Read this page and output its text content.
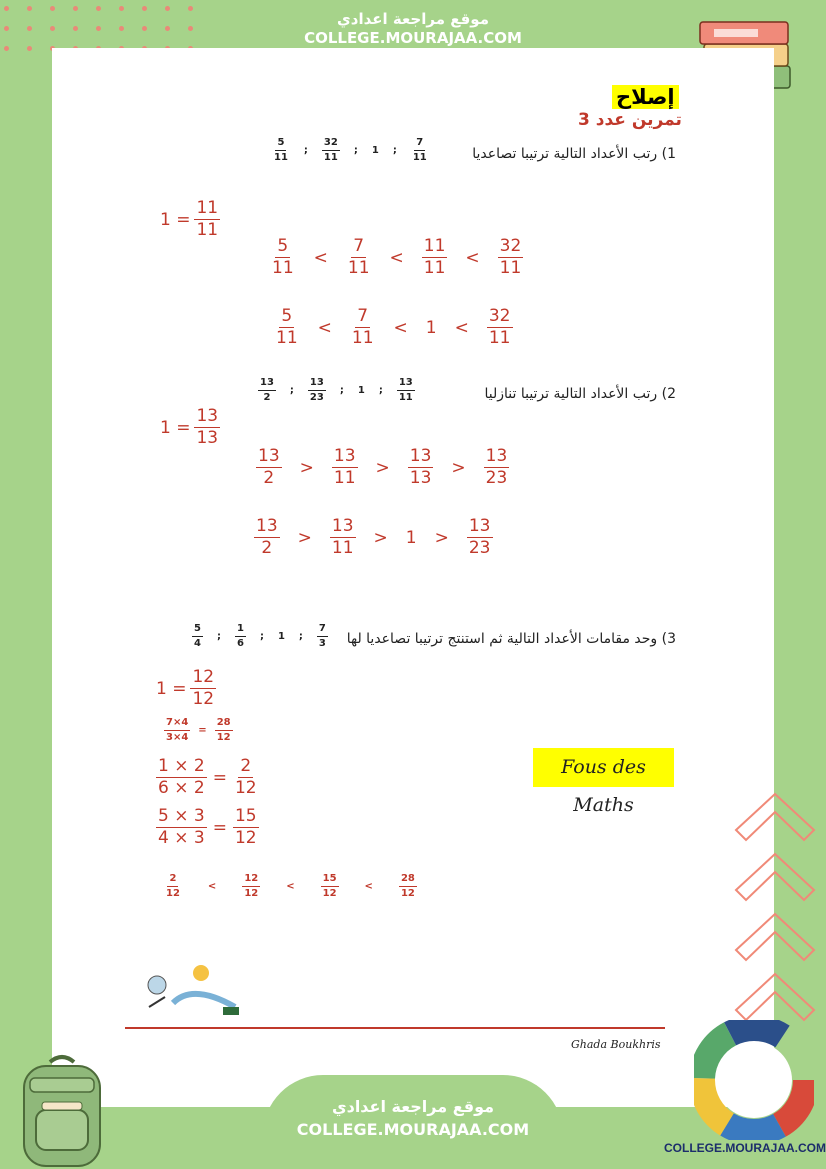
موقع مراجعة اعدادي
COLLEGE.MOURAJAA.COM
إصلاح
تمرين عدد 3
1) رتب الأعداد التالية ترتيبا تصاعديا
$\frac{5}{11}$ ; $\frac{32}{11}$ ; 1 ; $\frac{7}{11}$
$1 = \frac{11}{11}$
$\frac{5}{11} < \frac{7}{11} < \frac{11}{11} < \frac{32}{11}$
$\frac{5}{11} < \frac{7}{11} < 1 < \frac{32}{11}$
2) رتب الأعداد التالية ترتيبا تنازليا
$\frac{13}{2}$ ; $\frac{13}{23}$ ; 1 ; $\frac{13}{11}$
$1 = \frac{13}{13}$
$\frac{13}{2} > \frac{13}{11} > \frac{13}{13} > \frac{13}{23}$
$\frac{13}{2} > \frac{13}{11} > 1 > \frac{13}{23}$
3) وحد مقامات الأعداد التالية ثم استنتج ترتيبا تصاعديا لها
$\frac{5}{4}$ ; $\frac{1}{6}$ ; 1 ; $\frac{7}{3}$
$1 = \frac{12}{12}$
$\frac{7\times 4}{3\times 4} = \frac{28}{12}$
$\frac{1 \times 2}{6 \times 2} = \frac{2}{12}$
$\frac{5 \times 3}{4 \times 3} = \frac{15}{12}$
$\frac{2}{12}$	<	$\frac{12}{12}$	<	$\frac{15}{12}$	<	$\frac{28}{12}$
Fous des Maths
Ghada Boukhris
موقع مراجعة اعدادي
COLLEGE.MOURAJAA.COM
COLLEGE.MOURAJAA.COM
